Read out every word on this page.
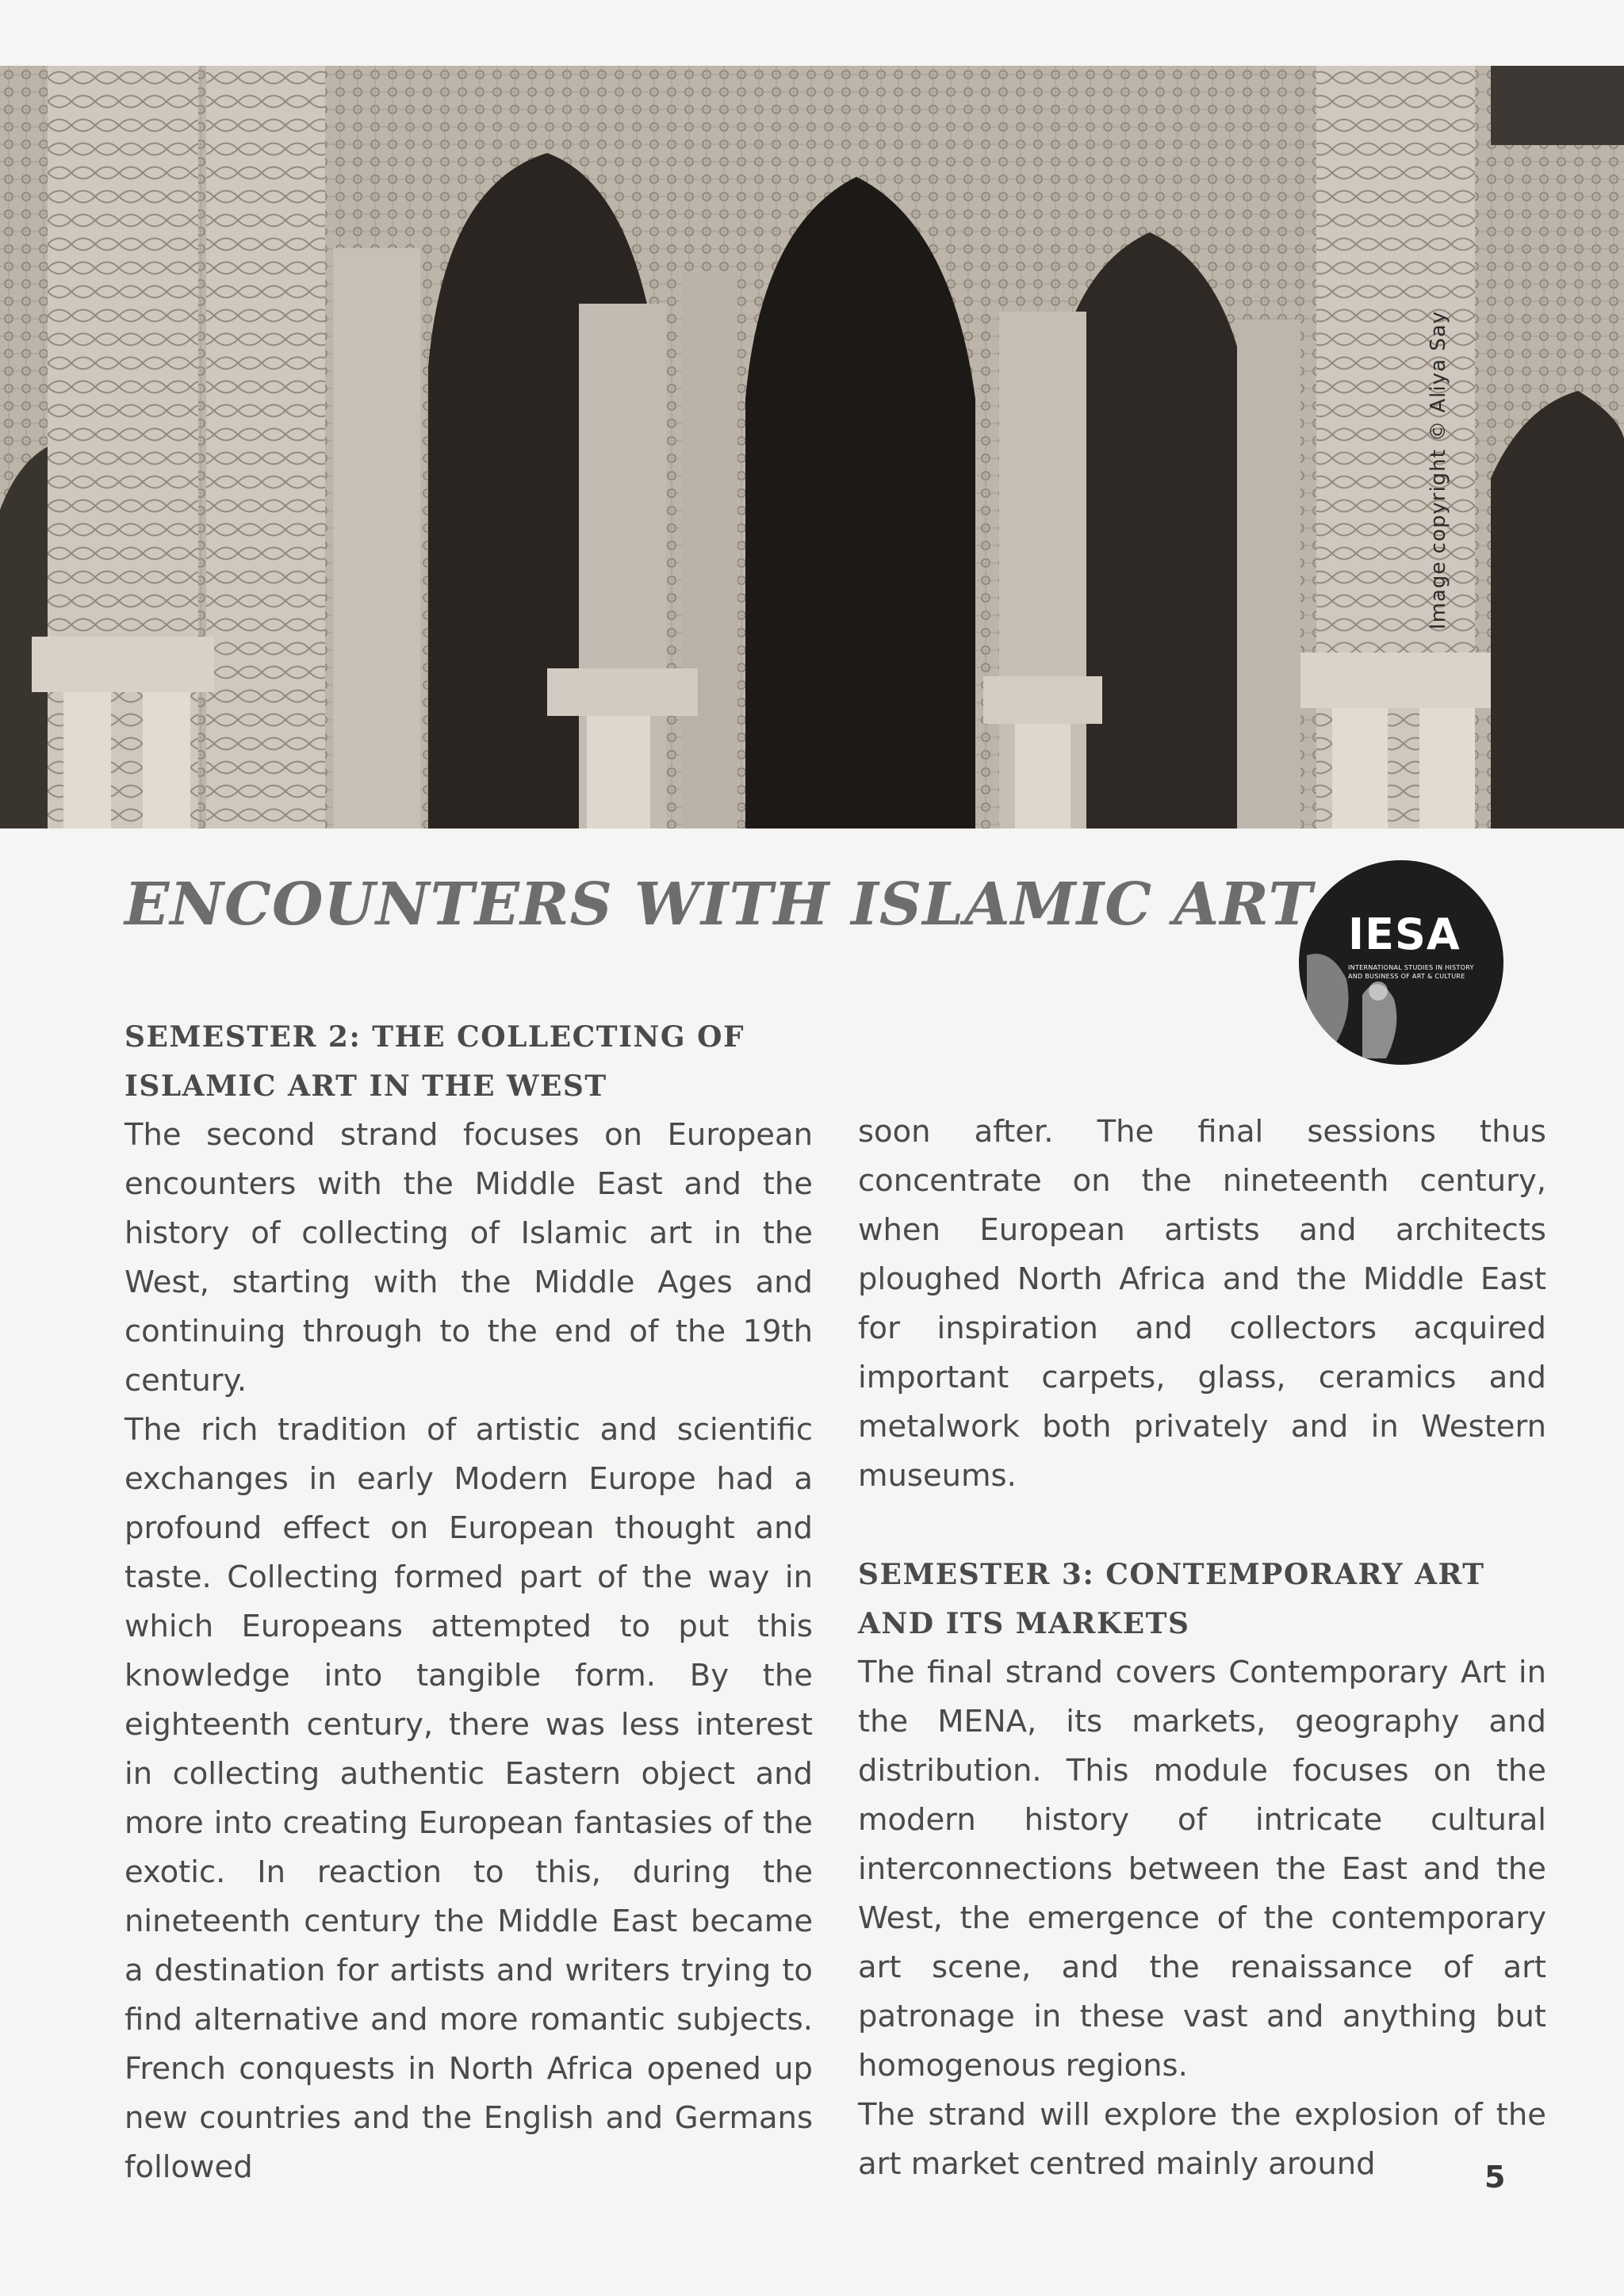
Image copyright © Aliya Say
ENCOUNTERS WITH ISLAMIC ART IESA
INTERNATIONAL STUDIES IN HISTORY AND BUSINESS OF ART & CULTURE
SEMESTER 2: THE COLLECTING OF ISLAMIC ART IN THE WEST

The second strand focuses on European encounters with the Middle East and the history of collecting of Islamic art in the West, starting with the Middle Ages and continuing through to the end of the 19th century.

The rich tradition of artistic and scientific exchanges in early Modern Europe had a profound effect on European thought and taste. Collecting formed part of the way in which Europeans attempted to put this knowledge into tangible form. By the eighteenth century, there was less interest in collecting authentic Eastern object and more into creating European fantasies of the exotic. In reaction to this, during the nineteenth century the Middle East became a destination for artists and writers trying to find alternative and more romantic subjects. French conquests in North Africa opened up new countries and the English and Germans followed

soon after. The final sessions thus concentrate on the nineteenth century, when European artists and architects ploughed North Africa and the Middle East for inspiration and collectors acquired important carpets, glass, ceramics and metalwork both privately and in Western museums.

SEMESTER 3: CONTEMPORARY ART AND ITS MARKETS

The final strand covers Contemporary Art in the MENA, its markets, geography and distribution. This module focuses on the modern history of intricate cultural interconnections between the East and the West, the emergence of the contemporary art scene, and the renaissance of art patronage in these vast and anything but homogenous regions.

The strand will explore the explosion of the art market centred mainly around	5
